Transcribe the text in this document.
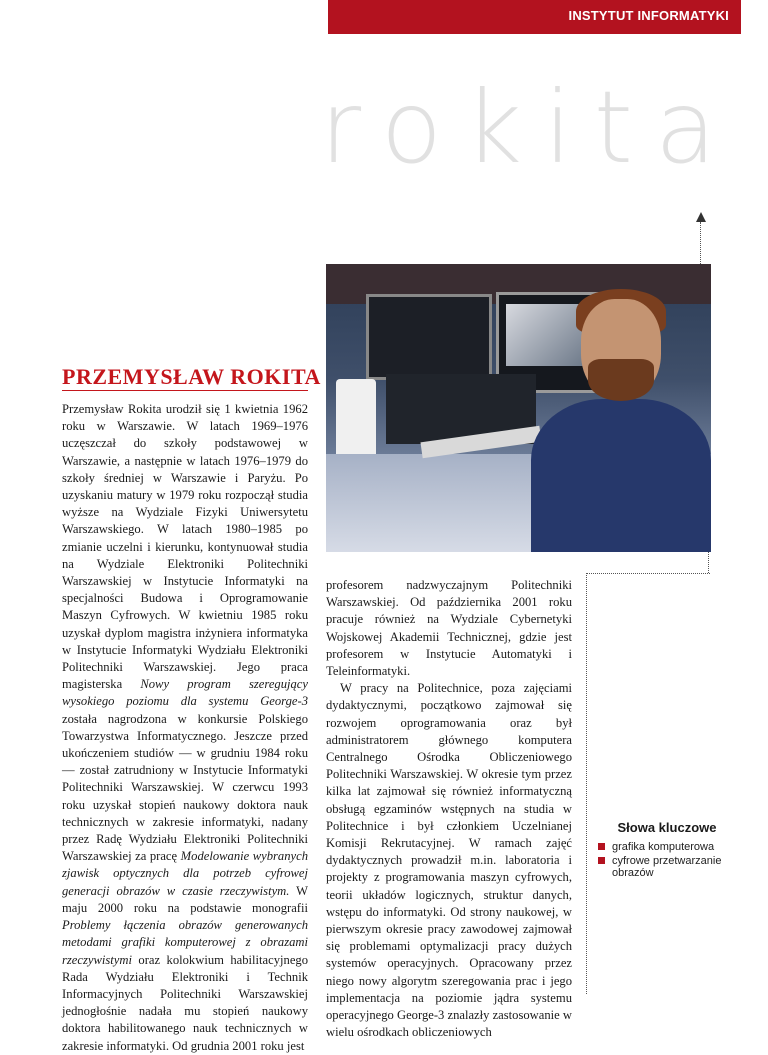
INSTYTUT INFORMATYKI
rokita
PRZEMYSŁAW ROKITA

Przemysław Rokita urodził się 1 kwietnia 1962 roku w Warszawie. W latach 1969–1976 uczęszczał do szkoły podstawowej w Warszawie, a następnie w latach 1976–1979 do szkoły średniej w Warszawie i Paryżu. Po uzyskaniu matury w 1979 roku rozpoczął studia wyższe na Wydziale Fizyki Uniwersytetu Warszawskiego. W latach 1980–1985 po zmianie uczelni i kierunku, kontynuował studia na Wydziale Elektroniki Politechniki Warszawskiej w Instytucie Informatyki na specjalności Budowa i Oprogramowanie Maszyn Cyfrowych. W kwietniu 1985 roku uzyskał dyplom magistra inżyniera informatyka w Instytucie Informatyki Wydziału Elektroniki Politechniki Warszawskiej. Jego praca magisterska Nowy program szeregujący wysokiego poziomu dla systemu George-3 została nagrodzona w konkursie Polskiego Towarzystwa Informatycznego. Jeszcze przed ukończeniem studiów — w grudniu 1984 roku — został zatrudniony w Instytucie Informatyki Politechniki Warszawskiej. W czerwcu 1993 roku uzyskał stopień naukowy doktora nauk technicznych w zakresie informatyki, nadany przez Radę Wydziału Elektroniki Politechniki Warszawskiej za pracę Modelowanie wybranych zjawisk optycznych dla potrzeb cyfrowej generacji obrazów w czasie rzeczywistym. W maju 2000 roku na podstawie monografii Problemy łączenia obrazów generowanych metodami grafiki komputerowej z obrazami rzeczywistymi oraz kolokwium habilitacyjnego Rada Wydziału Elektroniki i Technik Informacyjnych Politechniki Warszawskiej jednogłośnie nadała mu stopień naukowy doktora habilitowanego nauk technicznych w zakresie informatyki. Od grudnia 2001 roku jest

profesorem nadzwyczajnym Politechniki Warszawskiej. Od października 2001 roku pracuje również na Wydziale Cybernetyki Wojskowej Akademii Technicznej, gdzie jest profesorem w Instytucie Automatyki i Teleinformatyki.

W pracy na Politechnice, poza zajęciami dydaktycznymi, początkowo zajmował się rozwojem oprogramowania oraz był administratorem głównego komputera Centralnego Ośrodka Obliczeniowego Politechniki Warszawskiej. W okresie tym przez kilka lat zajmował się również informatyczną obsługą egzaminów wstępnych na studia w Politechnice i był członkiem Uczelnianej Komisji Rekrutacyjnej. W ramach zajęć dydaktycznych prowadził m.in. laboratoria i projekty z programowania maszyn cyfrowych, teorii układów logicznych, struktur danych, wstępu do informatyki. Od strony naukowej, w pierwszym okresie pracy zawodowej zajmował się problemami optymalizacji pracy dużych systemów operacyjnych. Opracowany przez niego nowy algorytm szeregowania prac i jego implementacja na poziomie jądra systemu operacyjnego George-3 znalazły zastosowanie w wielu ośrodkach obliczeniowych

Słowa kluczowe
grafika komputerowa
cyfrowe przetwarzanie obrazów
